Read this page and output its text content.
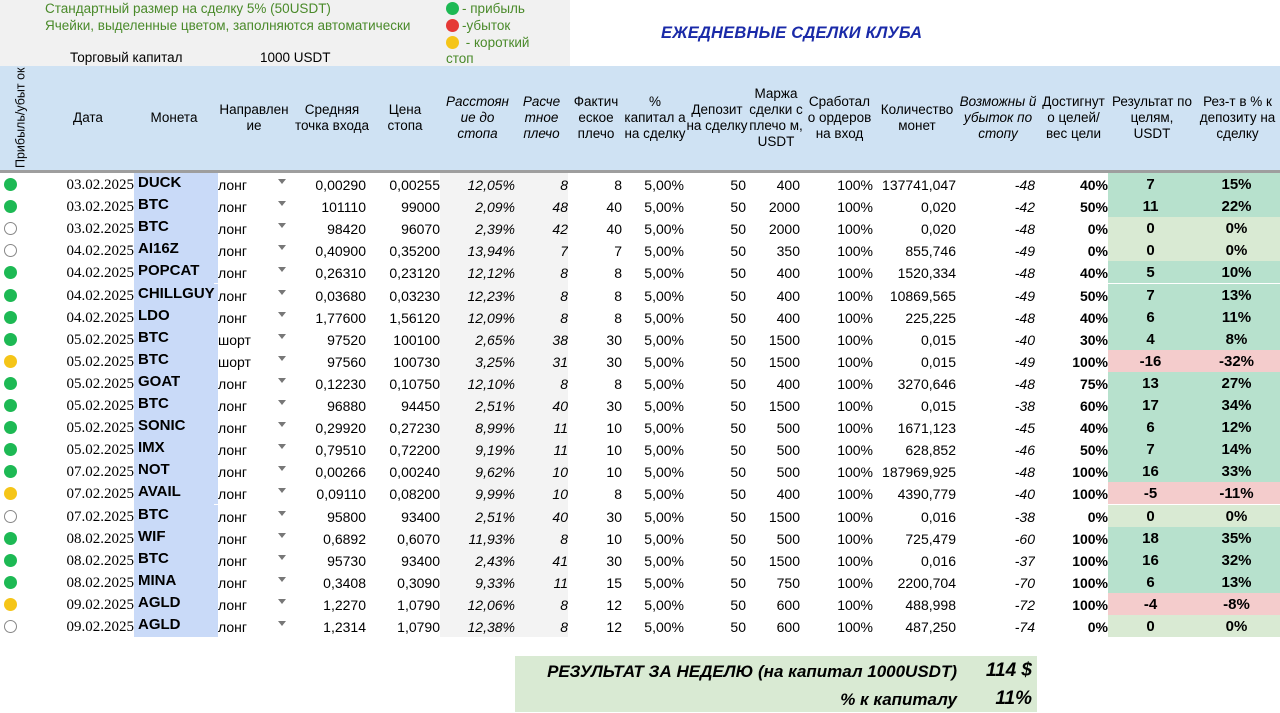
Стандартный размер на сделку 5% (50USDT)
Ячейки, выделенные цветом, заполняются автоматически
Торговый капитал	1000 USDT
- прибыль
-убыток
- короткий
стоп
ЕЖЕДНЕВНЫЕ СДЕЛКИ КЛУБА
Прибыль/убыт ок	Дата	Монета
Направлен ие
Средняя точка входа
Цена стопа
Расстоян ие до стопа
Расче тное плечо
Фактич еское плечо
% капитал а на сделку
Депозит на сделку
Маржа сделки с плечо м, USDT
Сработал о ордеров на вход
Количество монет
Возможны й убыток по стопу
Достигнут о целей/вес цели
Результат по целям, USDT
Рез-т в % к депозиту на сделку
03.02.2025 DUCK	лонг	0,00290	0,00255	12,05%	8	8	5,00%	50	400	100% 137741,047	-48	40%	7	15%
03.02.2025 BTC	лонг	101110	99000	2,09%	48	40	5,00%	50	2000	100%	0,020	-42	50%	11	22%
03.02.2025 BTC	лонг	98420	96070	2,39%	42	40	5,00%	50	2000	100%	0,020	-48	0%	0	0%
04.02.2025 AI16Z	лонг	0,40900	0,35200	13,94%	7	7	5,00%	50	350	100%	855,746	-49	0%	0	0%
04.02.2025 POPCAT	лонг	0,26310	0,23120	12,12%	8	8	5,00%	50	400	100%	1520,334	-48	40%	5	10%
04.02.2025 CHILLGUY лонг	0,03680	0,03230	12,23%	8	8	5,00%	50	400	100%	10869,565	-49	50%	7	13%
04.02.2025 LDO	лонг	1,77600	1,56120	12,09%	8	8	5,00%	50	400	100%	225,225	-48	40%	6	11%
05.02.2025 BTC	шорт	97520	100100	2,65%	38	30	5,00%	50	1500	100%	0,015	-40	30%	4	8%
05.02.2025 BTC	шорт	97560	100730	3,25%	31	30	5,00%	50	1500	100%	0,015	-49	100%	-16	-32%
05.02.2025 GOAT	лонг	0,12230	0,10750	12,10%	8	8	5,00%	50	400	100%	3270,646	-48	75%	13	27%
05.02.2025 BTC	лонг	96880	94450	2,51%	40	30	5,00%	50	1500	100%	0,015	-38	60%	17	34%
05.02.2025 SONIC	лонг	0,29920	0,27230	8,99%	11	10	5,00%	50	500	100%	1671,123	-45	40%	6	12%
05.02.2025 IMX	лонг	0,79510	0,72200	9,19%	11	10	5,00%	50	500	100%	628,852	-46	50%	7	14%
07.02.2025 NOT	лонг	0,00266	0,00240	9,62%	10	10	5,00%	50	500	100% 187969,925	-48	100%	16	33%
07.02.2025 AVAIL	лонг	0,09110	0,08200	9,99%	10	8	5,00%	50	400	100%	4390,779	-40	100%	-5	-11%
07.02.2025 BTC	лонг	95800	93400	2,51%	40	30	5,00%	50	1500	100%	0,016	-38	0%	0	0%
08.02.2025 WIF	лонг	0,6892	0,6070	11,93%	8	10	5,00%	50	500	100%	725,479	-60	100%	18	35%
08.02.2025 BTC	лонг	95730	93400	2,43%	41	30	5,00%	50	1500	100%	0,016	-37	100%	16	32%
08.02.2025 MINA	лонг	0,3408	0,3090	9,33%	11	15	5,00%	50	750	100%	2200,704	-70	100%	6	13%
09.02.2025 AGLD	лонг	1,2270	1,0790	12,06%	8	12	5,00%	50	600	100%	488,998	-72	100%	-4	-8%
09.02.2025 AGLD	лонг	1,2314	1,0790	12,38%	8	12	5,00%	50	600	100%	487,250	-74	0%	0	0%
РЕЗУЛЬТАТ ЗА НЕДЕЛЮ (на капитал 1000USDT)	114 $
% к капиталу	11%
